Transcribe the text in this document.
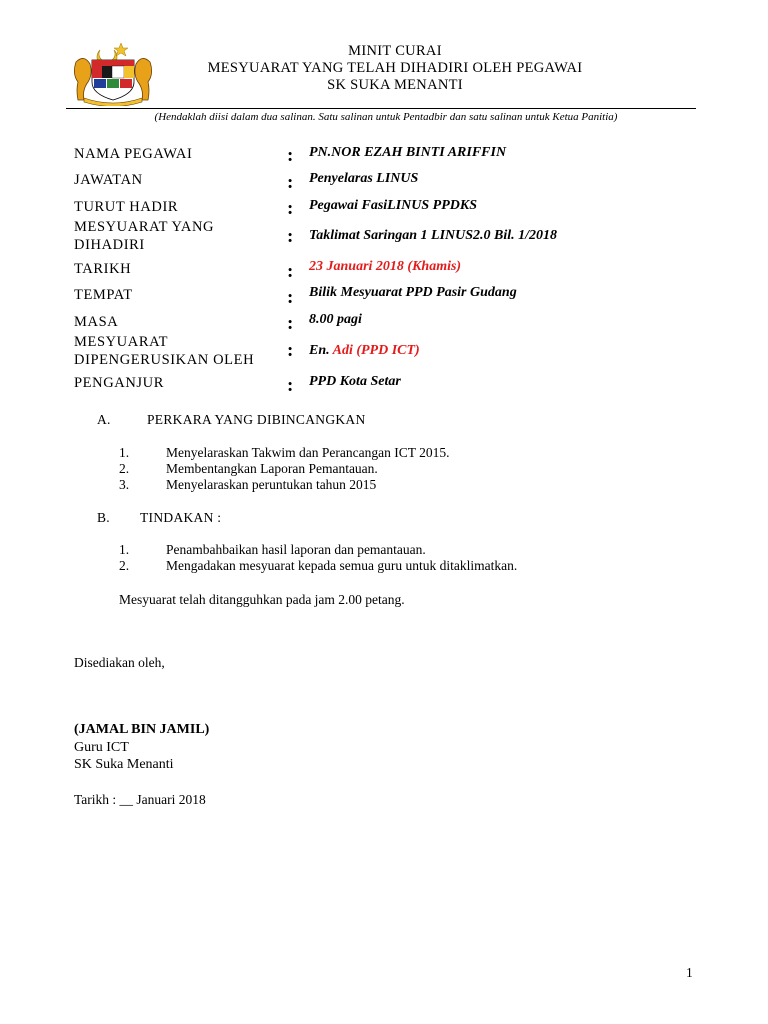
MINIT CURAI
MESYUARAT YANG TELAH DIHADIRI OLEH PEGAWAI
SK SUKA MENANTI
(Hendaklah diisi dalam dua salinan. Satu salinan untuk Pentadbir dan satu salinan untuk Ketua Panitia)
NAMA PEGAWAI	: PN.NOR EZAH BINTI ARIFFIN
JAWATAN	: Penyelaras LINUS
TURUT HADIR	: Pegawai FasiLINUS PPDKS
MESYUARAT YANG
DIHADIRI	: Taklimat Saringan 1 LINUS2.0 Bil. 1/2018
TARIKH	: 23 Januari 2018 (Khamis)
TEMPAT	: Bilik Mesyuarat PPD Pasir Gudang
MASA	: 8.00 pagi
MESYUARAT
DIPENGERUSIKAN OLEH : En. Adi (PPD ICT)
PENGANJUR	: PPD Kota Setar
A.	PERKARA YANG DIBINCANGKAN
1.	Menyelaraskan Takwim dan Perancangan ICT 2015.
2.	Membentangkan Laporan Pemantauan.
3.	Menyelaraskan peruntukan tahun 2015
B. TINDAKAN :
1.	Penambahbaikan hasil laporan dan pemantauan.
2.	Mengadakan mesyuarat kepada semua guru untuk ditaklimatkan.
Mesyuarat telah ditangguhkan pada jam 2.00 petang.
Disediakan oleh,
(JAMAL BIN JAMIL)
Guru ICT
SK Suka Menanti
Tarikh : __ Januari 2018
1
